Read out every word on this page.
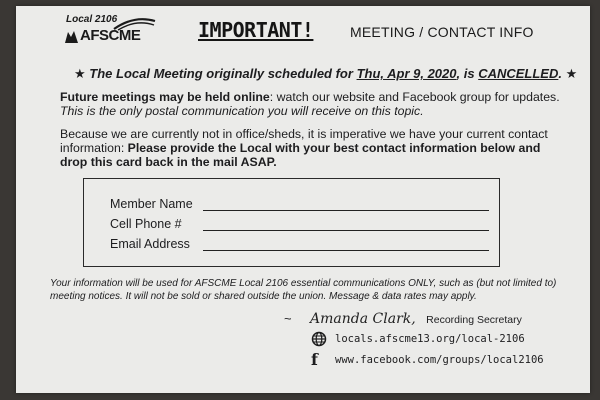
Local 2106
AFSCME	IMPORTANT!	MEETING / CONTACT INFO
★ The Local Meeting originally scheduled for Thu, Apr 9, 2020, is CANCELLED. ★
Future meetings may be held online: watch our website and Facebook group for updates. This is the only postal communication you will receive on this topic.
Because we are currently not in office/sheds, it is imperative we have your current contact information: Please provide the Local with your best contact information below and drop this card back in the mail ASAP.
Member Name
Cell Phone #
Email Address
Your information will be used for AFSCME Local 2106 essential communications ONLY, such as (but not limited to) meeting notices. It will not be sold or shared outside the union. Message & data rates may apply.
~ Amanda Clark, Recording Secretary
locals.afscme13.org/local-2106
f	www.facebook.com/groups/local2106
